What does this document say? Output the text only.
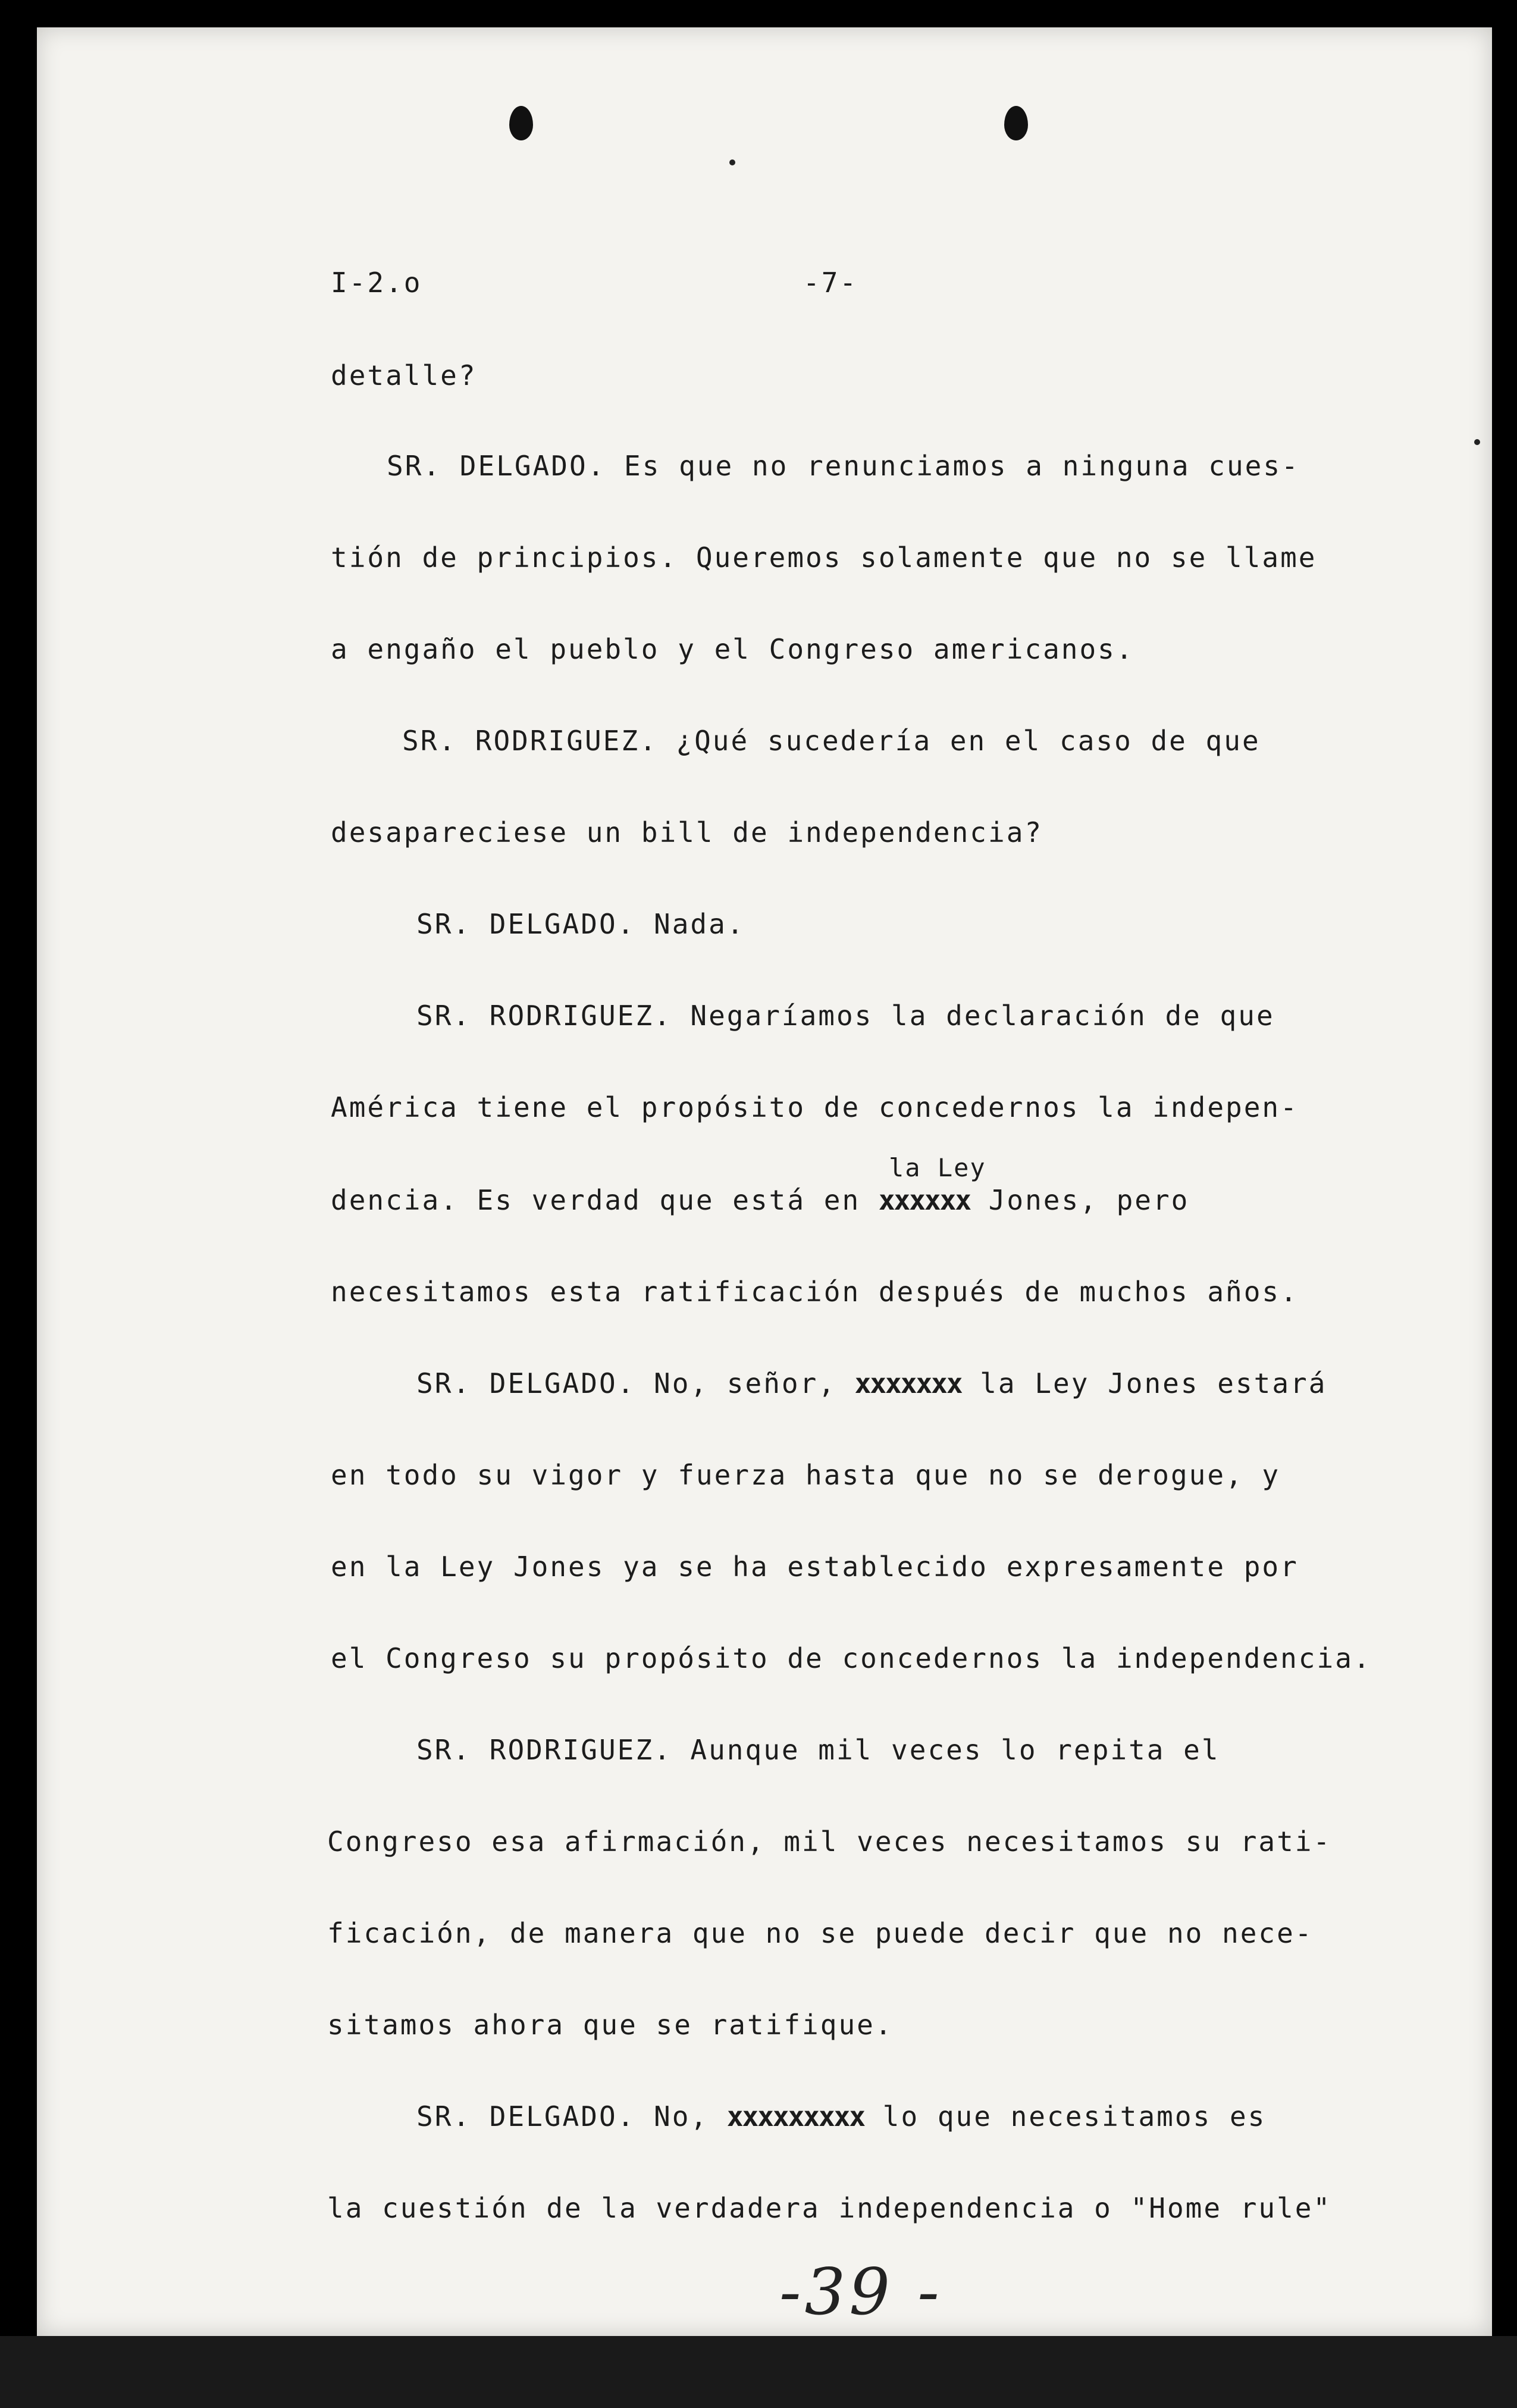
I-2.o	-7-
detalle?
SR. DELGADO. Es que no renunciamos a ninguna cues-
tión de principios. Queremos solamente que no se llame
a engaño el pueblo y el Congreso americanos.
SR. RODRIGUEZ. ¿Qué sucedería en el caso de que
desapareciese un bill de independencia?
SR. DELGADO. Nada.
SR. RODRIGUEZ. Negaríamos la declaración de que
América tiene el propósito de concedernos la indepen-
la Ley
dencia. Es verdad que está en xxxxxx Jones, pero
necesitamos esta ratificación después de muchos años.
SR. DELGADO. No, señor, xxxxxxx la Ley Jones estará
en todo su vigor y fuerza hasta que no se derogue, y
en la Ley Jones ya se ha establecido expresamente por
el Congreso su propósito de concedernos la independencia.
SR. RODRIGUEZ. Aunque mil veces lo repita el
Congreso esa afirmación, mil veces necesitamos su rati-
ficación, de manera que no se puede decir que no nece-
sitamos ahora que se ratifique.
SR. DELGADO. No, xxxxxxxxx lo que necesitamos es
la cuestión de la verdadera independencia o "Home rule"
-39 -
